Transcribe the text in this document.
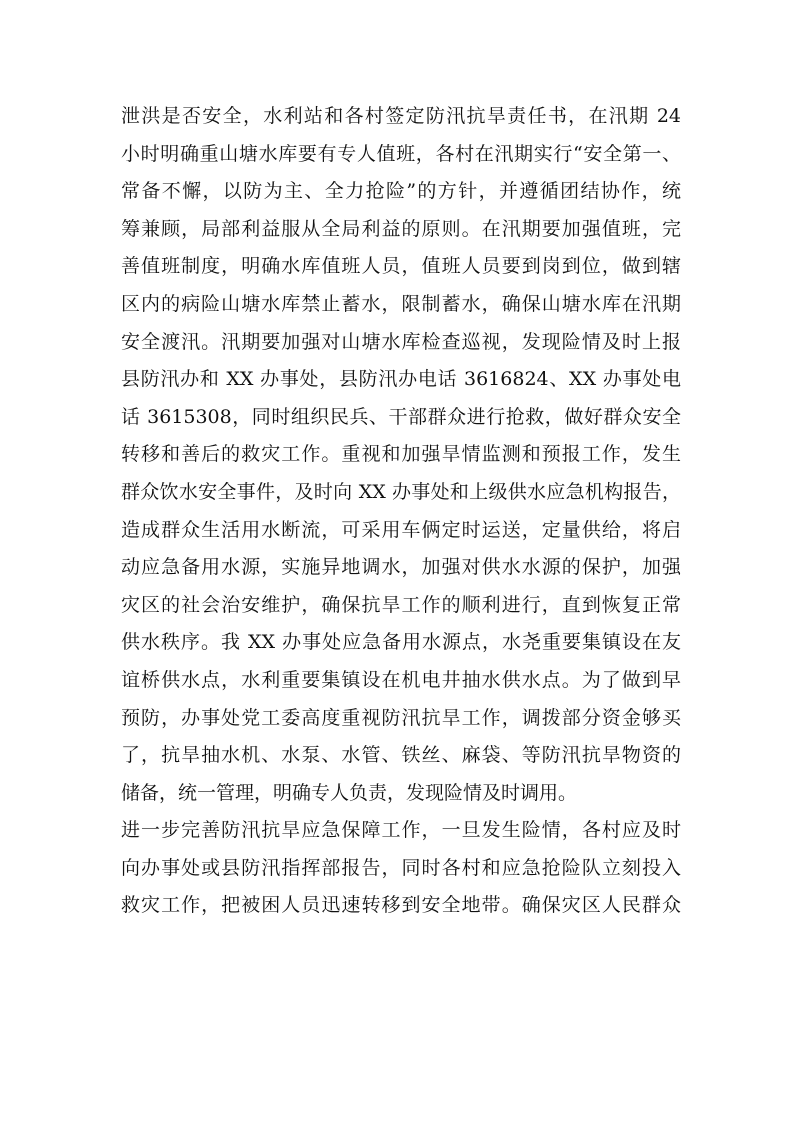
泄洪是否安全，水利站和各村签定防汛抗旱责任书，在汛期 24
小时明确重山塘水库要有专人值班，各村在汛期实行“安全第一、
常备不懈，以防为主、全力抢险”的方针，并遵循团结协作，统
筹兼顾，局部利益服从全局利益的原则。在汛期要加强值班，完
善值班制度，明确水库值班人员，值班人员要到岗到位，做到辖
区内的病险山塘水库禁止蓄水，限制蓄水，确保山塘水库在汛期
安全渡汛。汛期要加强对山塘水库检查巡视，发现险情及时上报
县防汛办和 XX 办事处，县防汛办电话 3616824、XX 办事处电
话 3615308，同时组织民兵、干部群众进行抢救，做好群众安全
转移和善后的救灾工作。重视和加强旱情监测和预报工作，发生
群众饮水安全事件，及时向 XX 办事处和上级供水应急机构报告，
造成群众生活用水断流，可采用车俩定时运送，定量供给，将启
动应急备用水源，实施异地调水，加强对供水水源的保护，加强
灾区的社会治安维护，确保抗旱工作的顺利进行，直到恢复正常
供水秩序。我 XX 办事处应急备用水源点，水尧重要集镇设在友
谊桥供水点，水利重要集镇设在机电井抽水供水点。为了做到早
预防，办事处党工委高度重视防汛抗旱工作，调拨部分资金够买
了，抗旱抽水机、水泵、水管、铁丝、麻袋、等防汛抗旱物资的
储备，统一管理，明确专人负责，发现险情及时调用。
进一步完善防汛抗旱应急保障工作，一旦发生险情，各村应及时
向办事处或县防汛指挥部报告，同时各村和应急抢险队立刻投入
救灾工作，把被困人员迅速转移到安全地带。确保灾区人民群众
